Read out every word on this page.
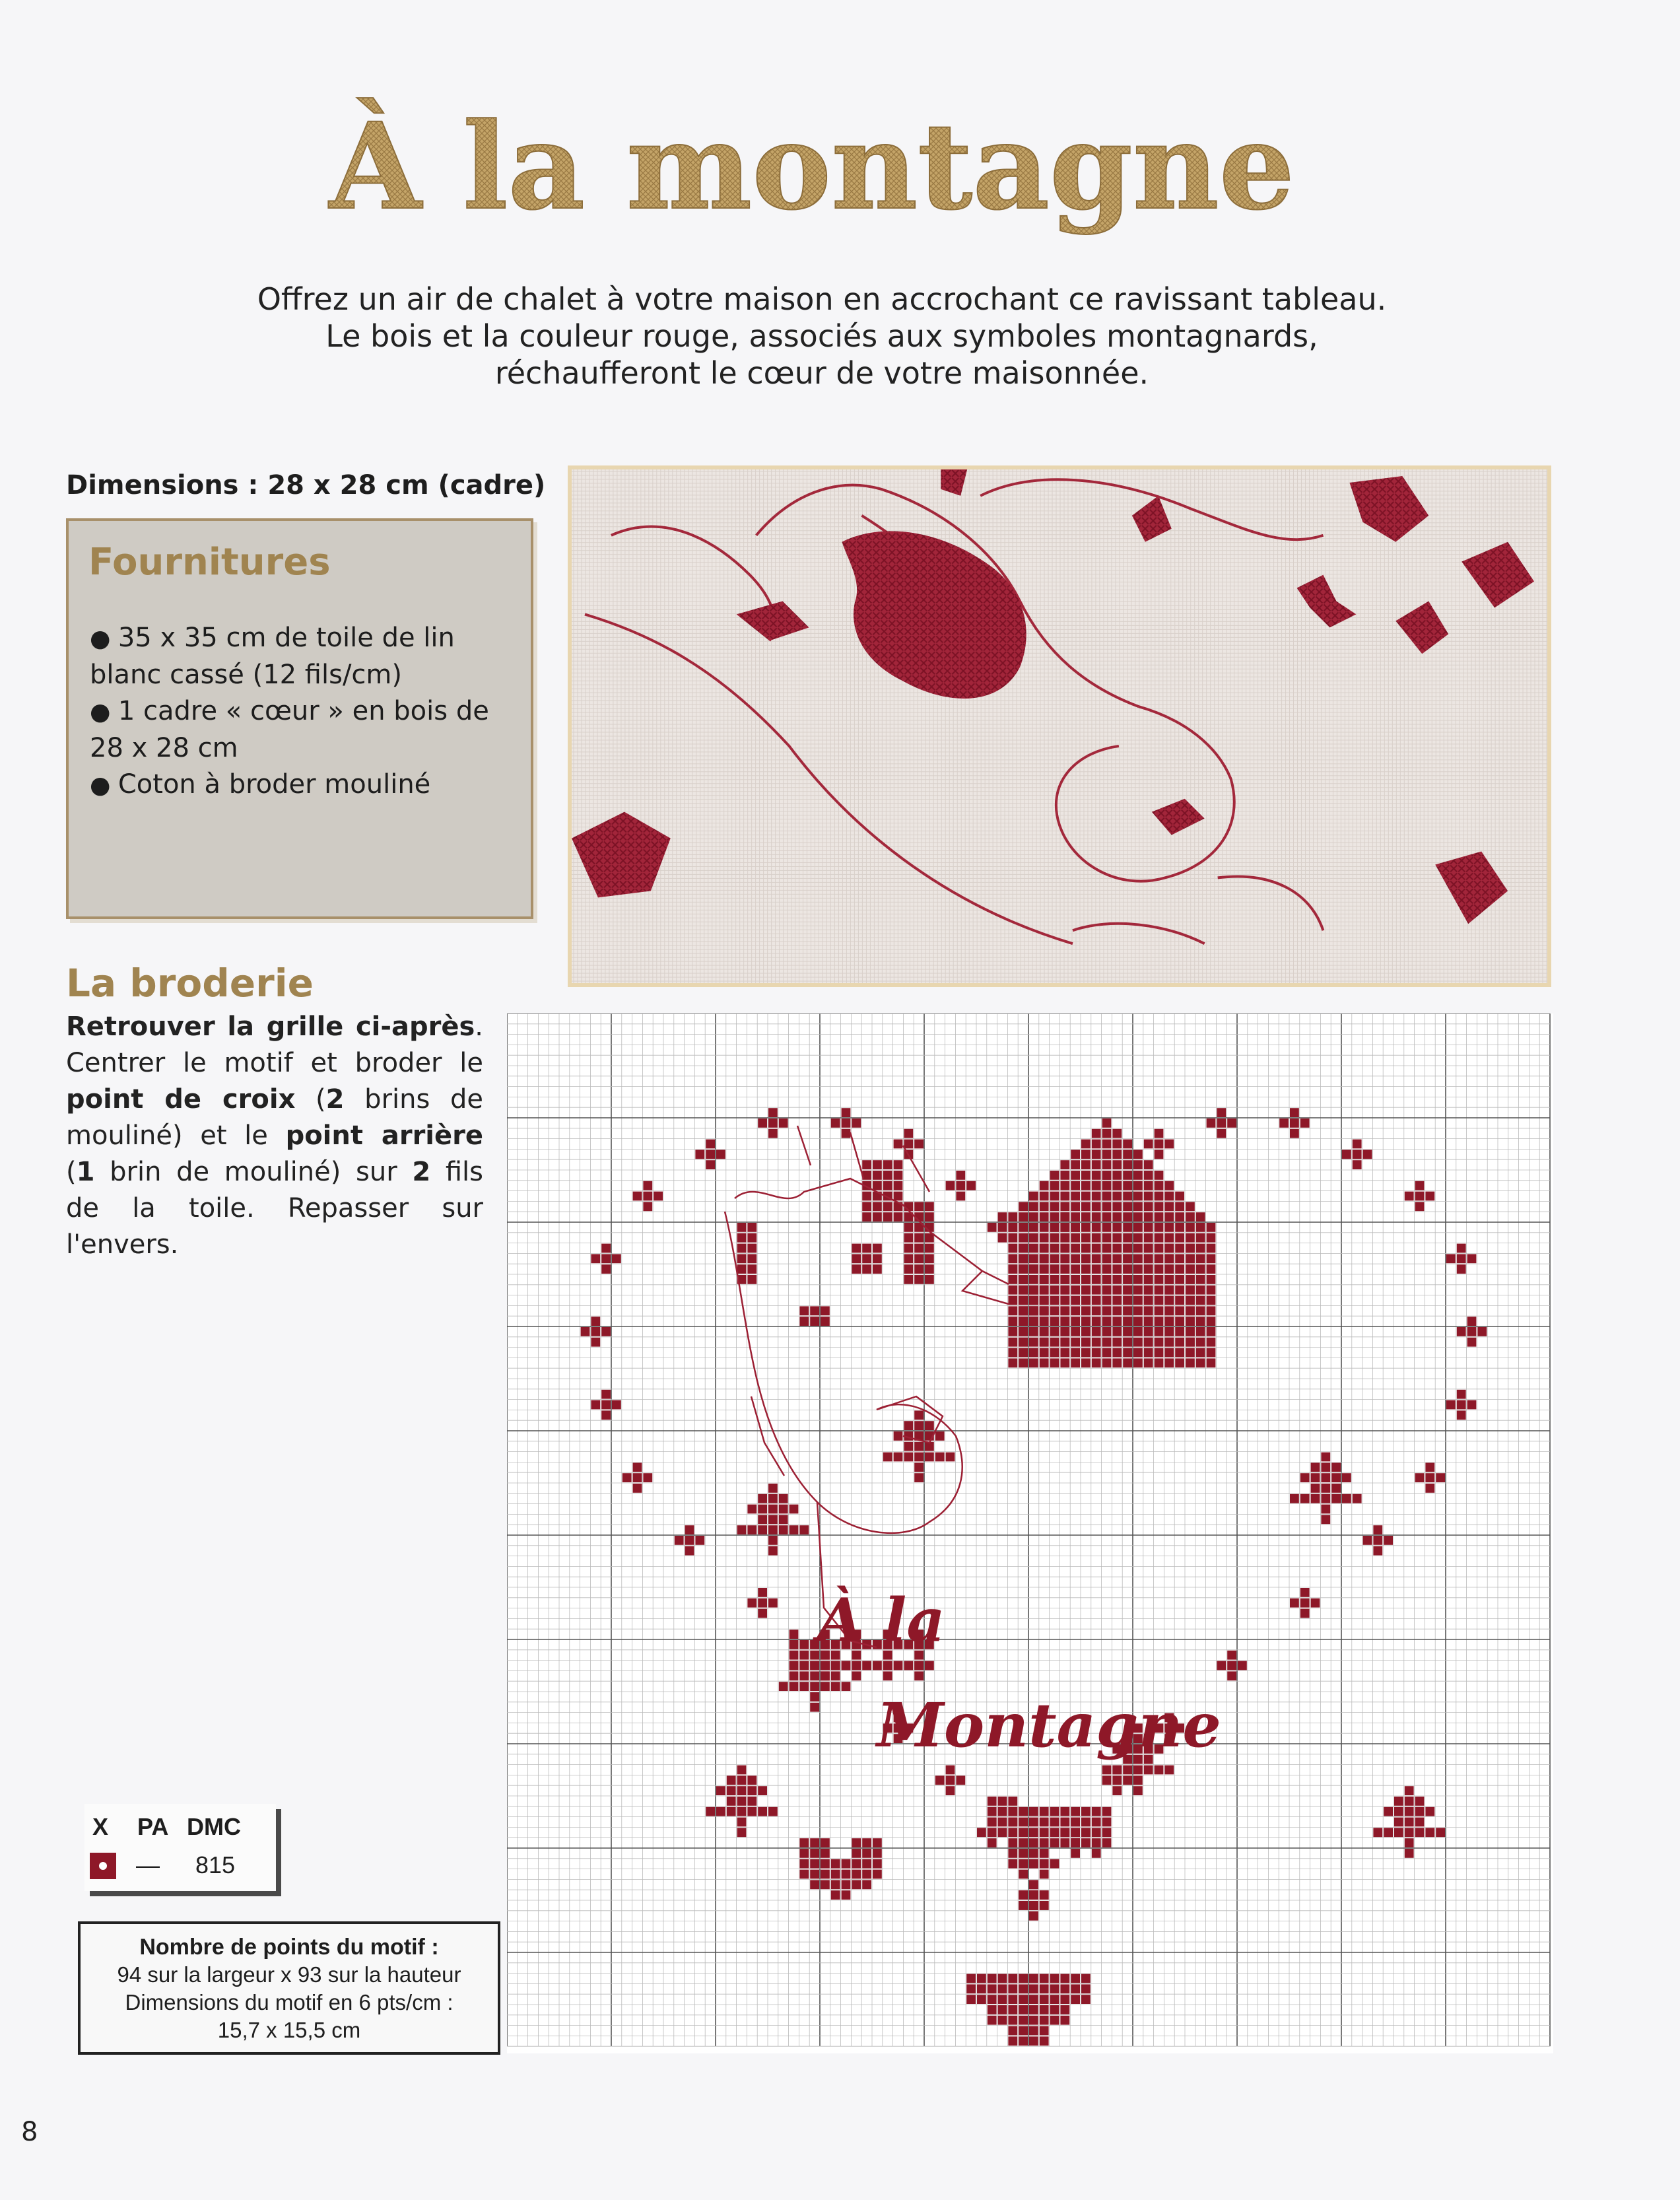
À la montagne
Offrez un air de chalet à votre maison en accrochant ce ravissant tableau.
Le bois et la couleur rouge, associés aux symboles montagnards,
réchaufferont le cœur de votre maisonnée.
Dimensions : 28 x 28 cm (cadre)
Fournitures
● 35 x 35 cm de toile de lin blanc cassé (12 fils/cm)
● 1 cadre « cœur » en bois de 28 x 28 cm
● Coton à broder mouliné
La broderie
Retrouver la grille ci-après. Centrer le motif et broder le point de croix (2 brins de mouliné) et le point arrière (1 brin de mouliné) sur 2 fils de la toile. Repasser sur l'envers.
À la
Montagne
X PA DMC
— 815
Nombre de points du motif :
94 sur la largeur x 93 sur la hauteur
Dimensions du motif en 6 pts/cm :
15,7 x 15,5 cm
8
